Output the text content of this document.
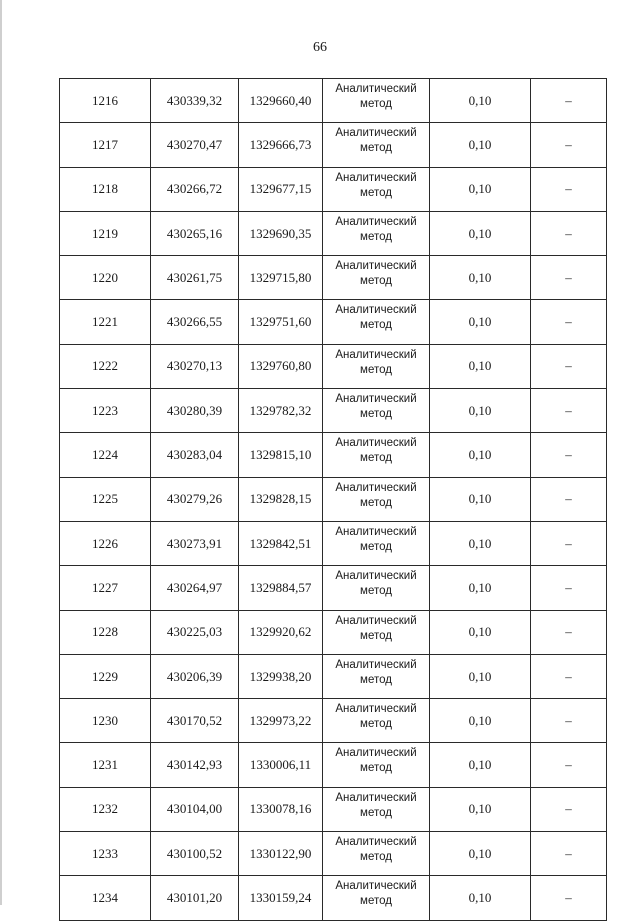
66
1216	430339,32	1329660,40	Аналитический метод	0,10	–
1217	430270,47	1329666,73	Аналитический метод	0,10	–
1218	430266,72	1329677,15	Аналитический метод	0,10	–
1219	430265,16	1329690,35	Аналитический метод	0,10	–
1220	430261,75	1329715,80	Аналитический метод	0,10	–
1221	430266,55	1329751,60	Аналитический метод	0,10	–
1222	430270,13	1329760,80	Аналитический метод	0,10	–
1223	430280,39	1329782,32	Аналитический метод	0,10	–
1224	430283,04	1329815,10	Аналитический метод	0,10	–
1225	430279,26	1329828,15	Аналитический метод	0,10	–
1226	430273,91	1329842,51	Аналитический метод	0,10	–
1227	430264,97	1329884,57	Аналитический метод	0,10	–
1228	430225,03	1329920,62	Аналитический метод	0,10	–
1229	430206,39	1329938,20	Аналитический метод	0,10	–
1230	430170,52	1329973,22	Аналитический метод	0,10	–
1231	430142,93	1330006,11	Аналитический метод	0,10	–
1232	430104,00	1330078,16	Аналитический метод	0,10	–
1233	430100,52	1330122,90	Аналитический метод	0,10	–
1234	430101,20	1330159,24	Аналитический метод	0,10	–
